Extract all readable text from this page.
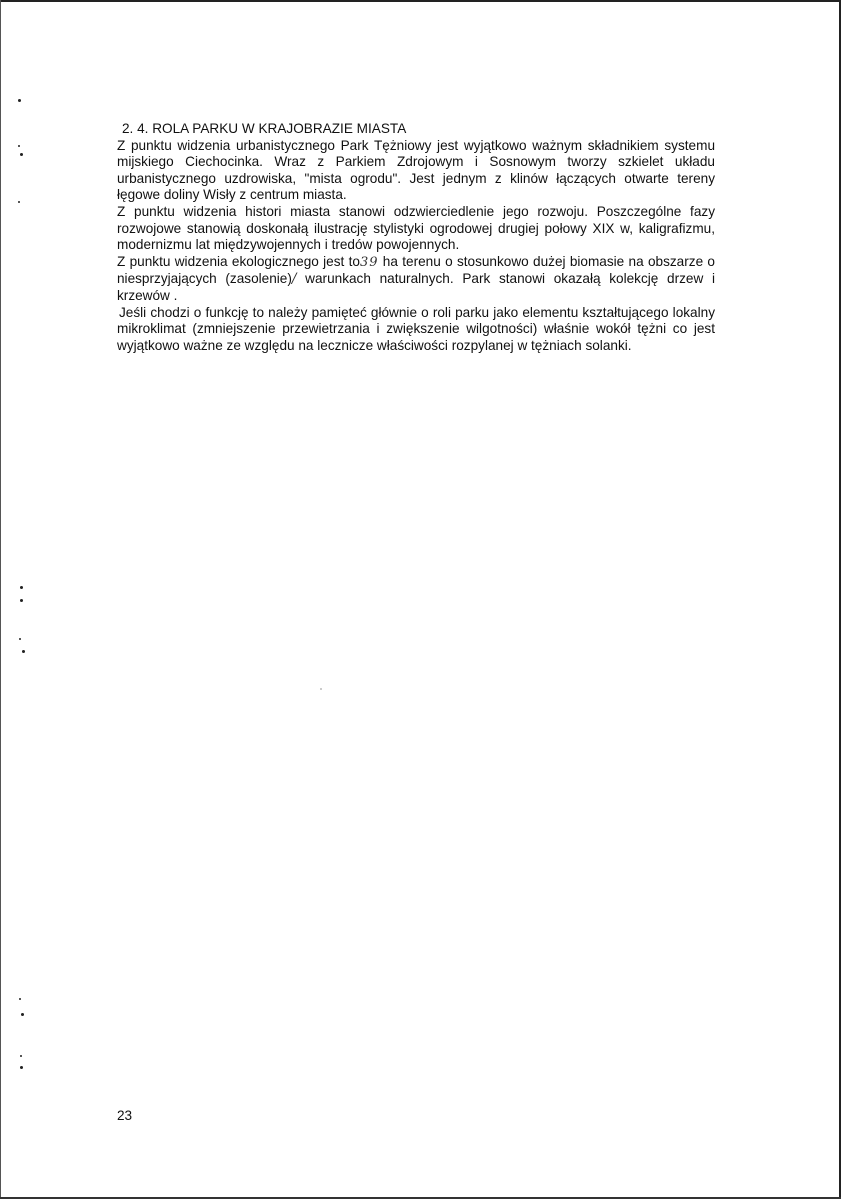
2. 4. ROLA PARKU W KRAJOBRAZIE MIASTA

Z punktu widzenia urbanistycznego Park Tężniowy jest wyjątkowo ważnym składnikiem systemu mijskiego Ciechocinka. Wraz z Parkiem Zdrojowym i Sosnowym tworzy szkielet układu urbanistycznego uzdrowiska, "mista ogrodu". Jest jednym z klinów łączących otwarte tereny łęgowe doliny Wisły z centrum miasta.

Z punktu widzenia histori miasta stanowi odzwierciedlenie jego rozwoju. Poszczególne fazy rozwojowe stanowią doskonałą ilustrację stylistyki ogrodowej drugiej połowy XIX w, kaligrafizmu, modernizmu lat międzywojennych i tredów powojennych.

Z punktu widzenia ekologicznego jest to39 ha terenu o stosunkowo dużej biomasie na obszarze o niesprzyjających (zasolenie)/ warunkach naturalnych. Park stanowi okazałą kolekcję drzew i krzewów .

Jeśli chodzi o funkcję to należy pamięteć głównie o roli parku jako elementu kształtującego lokalny mikroklimat (zmniejszenie przewietrzania i zwiększenie wilgotności) właśnie wokół tężni co jest wyjątkowo ważne ze względu na lecznicze właściwości rozpylanej w tężniach solanki.

23
